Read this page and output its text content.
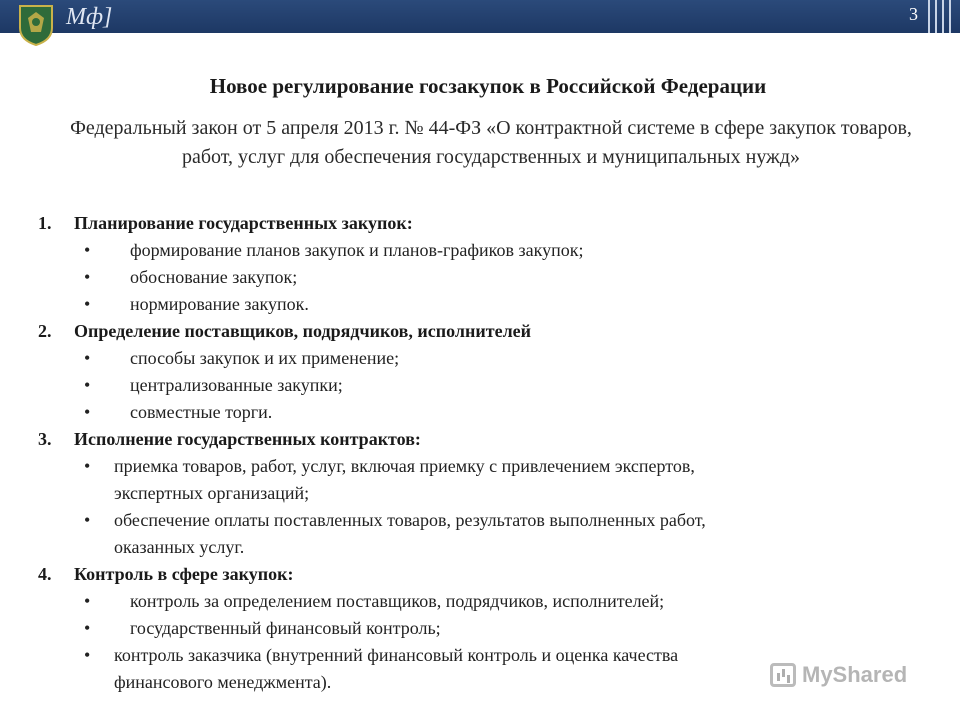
Мф]	3
Новое регулирование госзакупок в Российской Федерации
Федеральный закон от 5 апреля 2013 г. № 44-ФЗ «О контрактной системе в сфере закупок товаров, работ, услуг для обеспечения государственных и муниципальных нужд»
1.	Планирование государственных закупок:
•	формирование планов закупок и планов-графиков закупок;
•	обоснование закупок;
•	нормирование закупок.
2.	Определение поставщиков, подрядчиков, исполнителей
•	способы закупок и их применение;
•	централизованные закупки;
•	совместные торги.
3.	Исполнение государственных контрактов:
•	приемка товаров, работ, услуг, включая приемку с привлечением экспертов,
экспертных организаций;
•	обеспечение оплаты поставленных товаров, результатов выполненных работ,
оказанных услуг.
4.	Контроль в сфере закупок:
•	контроль за определением поставщиков, подрядчиков, исполнителей;
•	государственный финансовый контроль;
•	контроль заказчика (внутренний финансовый контроль и оценка качества
финансового менеджмента).	MyShared
